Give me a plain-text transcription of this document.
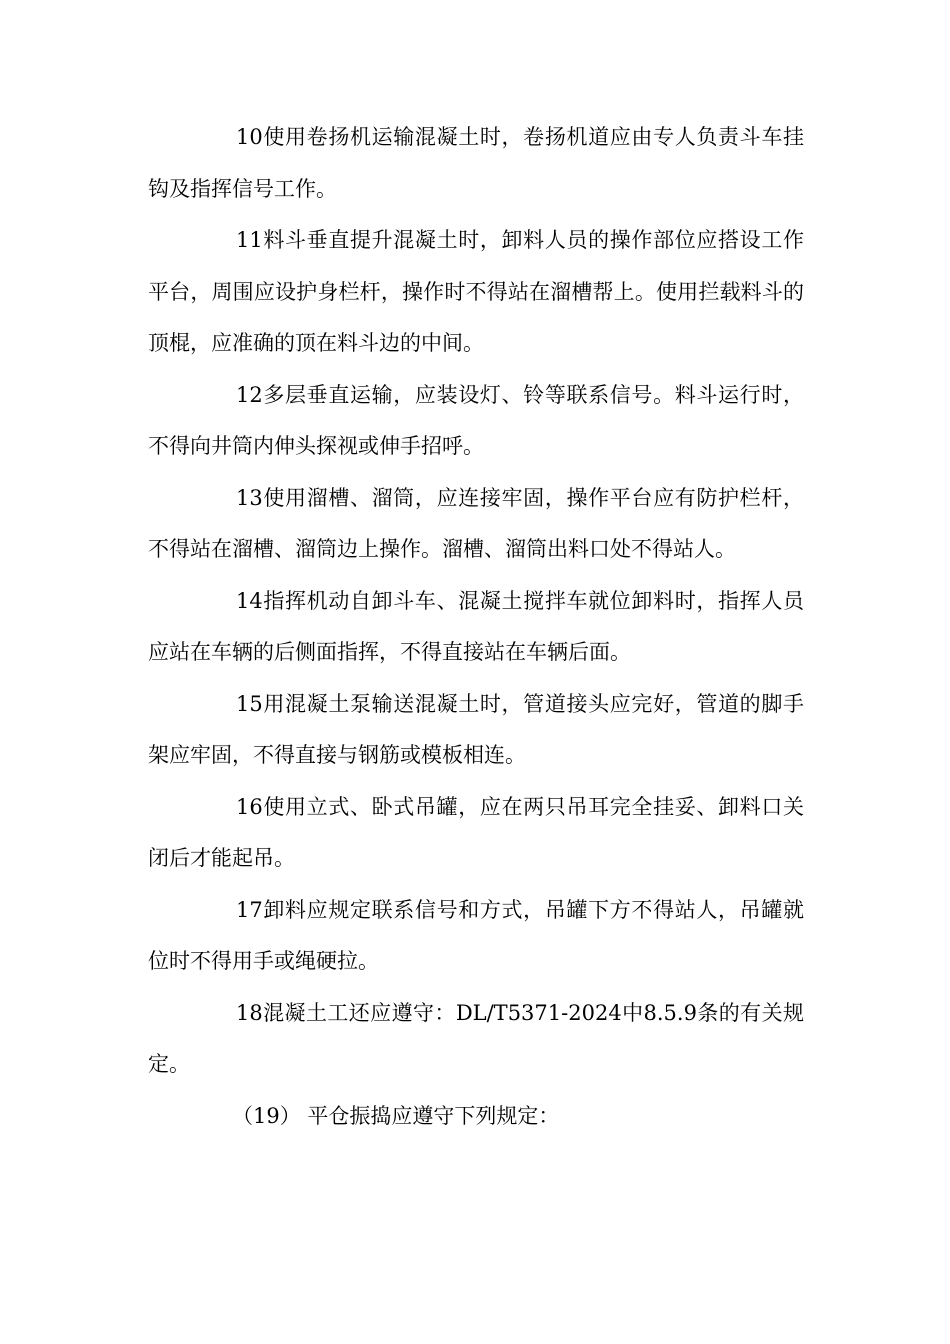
10使用卷扬机运输混凝土时，卷扬机道应由专人负责斗车挂钩及指挥信号工作。

11料斗垂直提升混凝土时，卸料人员的操作部位应搭设工作平台，周围应设护身栏杆，操作时不得站在溜槽帮上。使用拦载料斗的顶棍，应准确的顶在料斗边的中间。

12多层垂直运输，应装设灯、铃等联系信号。料斗运行时，不得向井筒内伸头探视或伸手招呼。

13使用溜槽、溜筒，应连接牢固，操作平台应有防护栏杆，不得站在溜槽、溜筒边上操作。溜槽、溜筒出料口处不得站人。

14指挥机动自卸斗车、混凝土搅拌车就位卸料时，指挥人员应站在车辆的后侧面指挥，不得直接站在车辆后面。

15用混凝土泵输送混凝土时，管道接头应完好，管道的脚手架应牢固，不得直接与钢筋或模板相连。

16使用立式、卧式吊罐，应在两只吊耳完全挂妥、卸料口关闭后才能起吊。

17卸料应规定联系信号和方式，吊罐下方不得站人，吊罐就位时不得用手或绳硬拉。

18混凝土工还应遵守：DL/T5371-2024中8.5.9条的有关规定。

（19） 平仓振捣应遵守下列规定：
